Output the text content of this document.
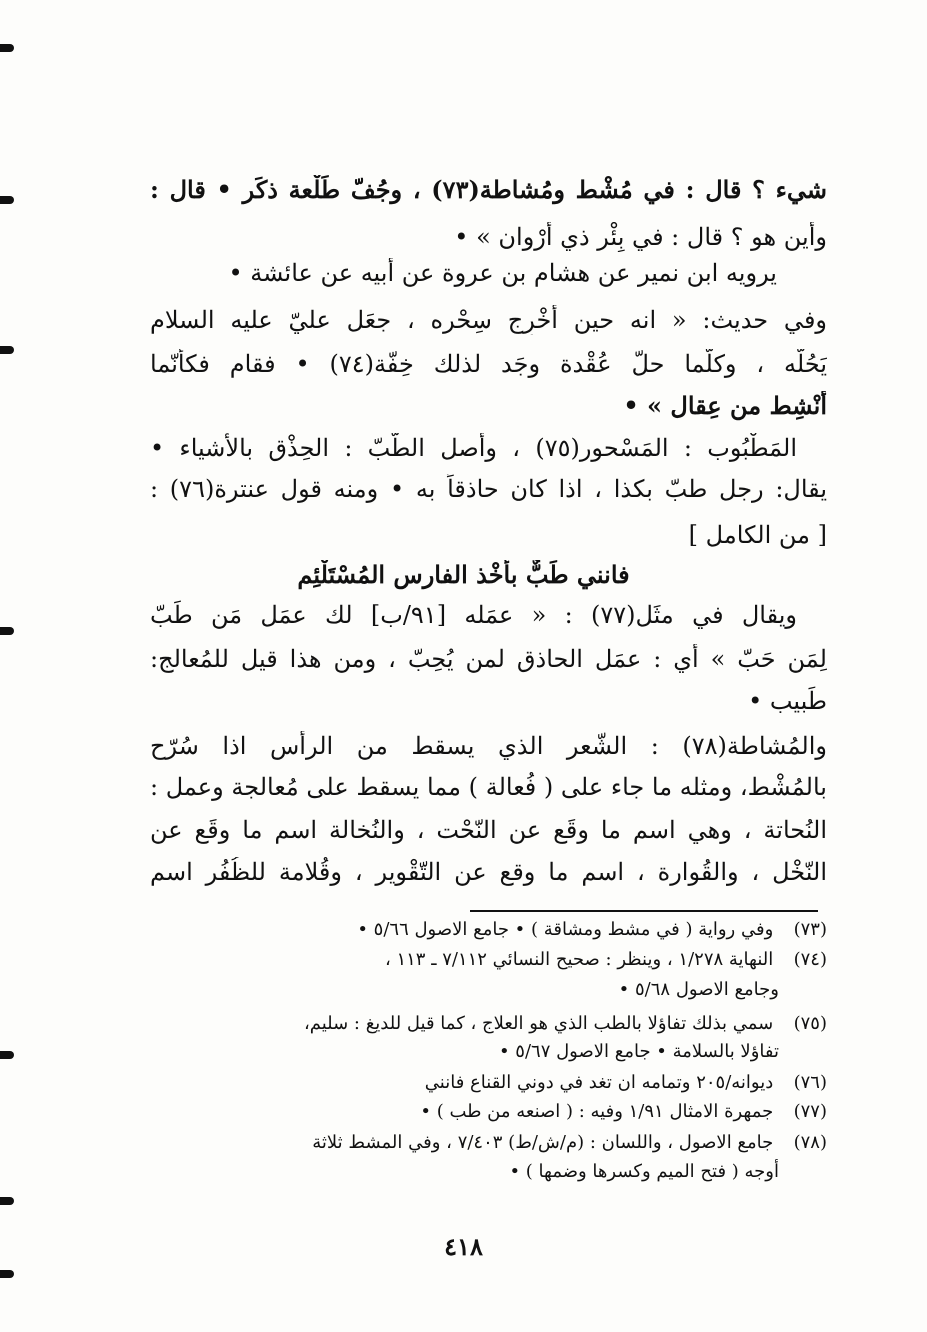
شيء ؟ قال : في مُشْط ومُشاطة(٧٣) ، وجُفّ طَلْعة ذكَر • قال :
وأين هو ؟ قال : في بِئْر ذي أرْوان » •
يرويه ابن نمير عن هشام بن عروة عن أبيه عن عائشة •
وفي حديث: « انه حين أُخْرِج سِحْره ، جعَل عليّ عليه السلام
يَحُلُّه ، وكلّما حلّ عُقْدة وجَد لذلك خِفّة(٧٤) • فقام فكأنّما
أُنْشِط من عِقال » •
المَطْبُوب : المَسْحور(٧٥) ، وأصل الطّبّ : الحِذْق بالأشياء •
يقال: رجل طبّ بكذا ، اذا كان حاذقاً به • ومنه قول عنترة(٧٦) :
[ من الكامل ]
فانني طَبٌّ بأخْذ الفارس المُسْتَلْئِم
ويقال في مثَل(٧٧) : « عمَله [٩١/ب] لك عمَل مَن طَبّ
لِمَن حَبّ » أي : عمَل الحاذق لمن يُحِبّ ، ومن هذا قيل للمُعالج:
طَبيب •
والمُشاطة(٧٨) : الشّعر الذي يسقط من الرأس اذا سُرّح
بالمُشْط، ومثله ما جاء على ( فُعالة ) مما يسقط على مُعالجة وعمل :
النُحاتة ، وهي اسم ما وقَع عن النّحْت ، والنُخالة اسم ما وقَع عن
النّخْل ، والقُوارة ، اسم ما وقع عن التّقْوير ، وقُلامة للظُفُر اسم
(٧٣) وفي رواية ( في مشط ومشاقة ) • جامع الاصول ٥/٦٦ •
(٧٤) النهاية ١/٢٧٨ ، وينظر : صحيح النسائي ٧/١١٢ ـ ١١٣ ،
وجامع الاصول ٥/٦٨ •
(٧٥) سمي بذلك تفاؤلا بالطب الذي هو العلاج ، كما قيل للديغ : سليم،
تفاؤلا بالسلامة • جامع الاصول ٥/٦٧ •
(٧٦) ديوانه/٢٠٥ وتمامه ان تغد في دوني القناع فانني
(٧٧) جمهرة الامثال ١/٩١ وفيه : ( اصنعه من طب ) •
(٧٨) جامع الاصول ، واللسان : (م/ش/ط) ٧/٤٠٣ ، وفي المشط ثلاثة
أوجه ( فتح الميم وكسرها وضمها ) •
٤١٨
